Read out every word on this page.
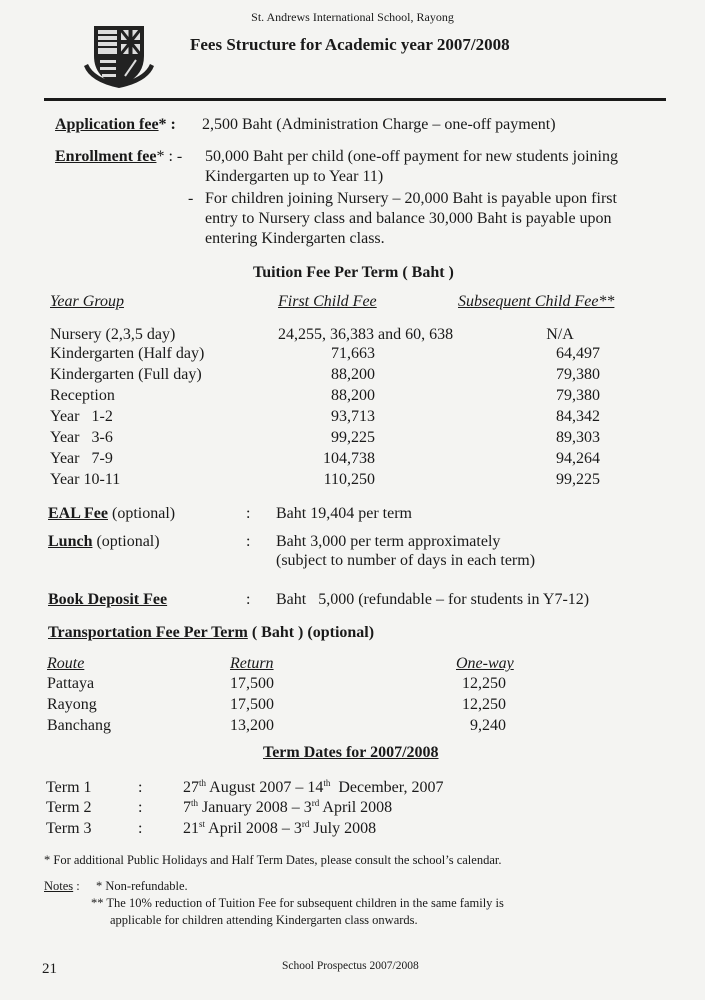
St. Andrews International School, Rayong
Fees Structure for Academic year 2007/2008
Application fee* : 2,500 Baht (Administration Charge – one-off payment)
Enrollment fee* : - 50,000 Baht per child (one-off payment for new students joining
Kindergarten up to Year 11)
- For children joining Nursery – 20,000 Baht is payable upon first
entry to Nursery class and balance 30,000 Baht is payable upon
entering Kindergarten class.
Tuition Fee Per Term ( Baht )
Year Group	First Child Fee	Subsequent Child Fee**
Nursery (2,3,5 day)	24,255, 36,383 and 60, 638	N/A
Kindergarten (Half day)	71,663	64,497
Kindergarten (Full day)	88,200	79,380
Reception	88,200	79,380
Year   1-2	93,713	84,342
Year   3-6	99,225	89,303
Year   7-9	104,738	94,264
Year 10-11	110,250	99,225
EAL Fee (optional)	: Baht 19,404 per term
Lunch (optional)	: Baht 3,000 per term approximately
(subject to number of days in each term)
Book Deposit Fee	: Baht   5,000 (refundable – for students in Y7-12)
Transportation Fee Per Term ( Baht ) (optional)
Route	Return	One-way
Pattaya	17,500	12,250
Rayong	17,500	12,250
Banchang	13,200	9,240
Term Dates for 2007/2008
Term 1	:	27th August 2007 – 14th  December, 2007
Term 2	:	7th January 2008 – 3rd April 2008
Term 3	:	21st April 2008 – 3rd July 2008
* For additional Public Holidays and Half Term Dates, please consult the school’s calendar.
Notes : * Non-refundable.
** The 10% reduction of Tuition Fee for subsequent children in the same family is
applicable for children attending Kindergarten class onwards.
21	School Prospectus 2007/2008
